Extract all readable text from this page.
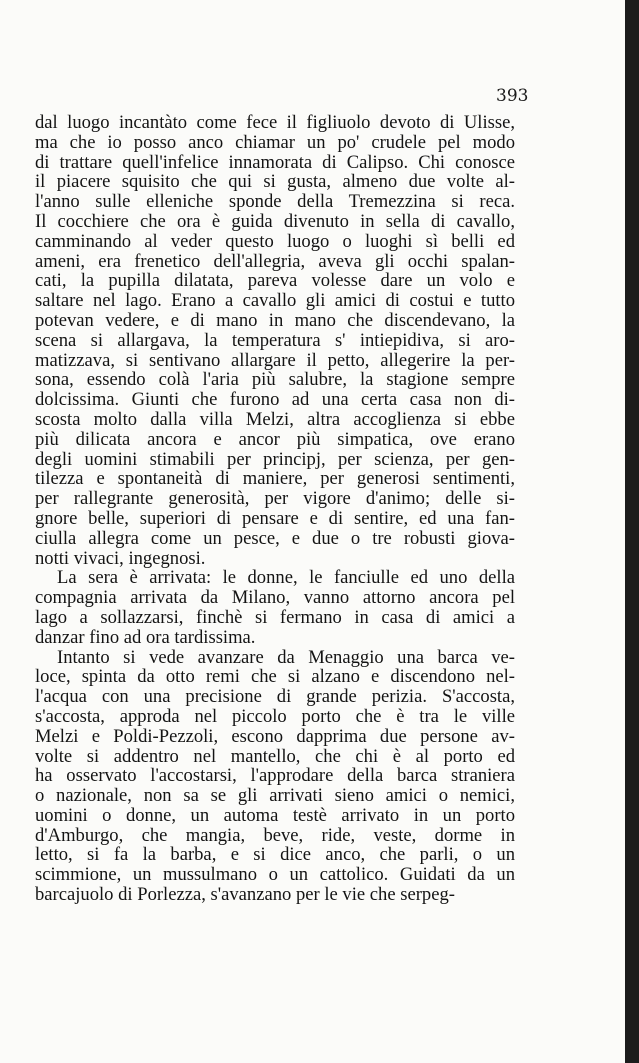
393
dal luogo incantàto come fece il figliuolo devoto di Ulisse,
ma che io posso anco chiamar un po' crudele pel modo
di trattare quell'infelice innamorata di Calipso. Chi conosce
il piacere squisito che qui si gusta, almeno due volte al-
l'anno sulle elleniche sponde della Tremezzina si reca.
Il cocchiere che ora è guida divenuto in sella di cavallo,
camminando al veder questo luogo o luoghi sì belli ed
ameni, era frenetico dell'allegria, aveva gli occhi spalan-
cati, la pupilla dilatata, pareva volesse dare un volo e
saltare nel lago. Erano a cavallo gli amici di costui e tutto
potevan vedere, e di mano in mano che discendevano, la
scena si allargava, la temperatura s' intiepidiva, si aro-
matizzava, si sentivano allargare il petto, allegerire la per-
sona, essendo colà l'aria più salubre, la stagione sempre
dolcissima. Giunti che furono ad una certa casa non di-
scosta molto dalla villa Melzi, altra accoglienza si ebbe
più dilicata ancora e ancor più simpatica, ove erano
degli uomini stimabili per principj, per scienza, per gen-
tilezza e spontaneità di maniere, per generosi sentimenti,
per rallegrante generosità, per vigore d'animo; delle si-
gnore belle, superiori di pensare e di sentire, ed una fan-
ciulla allegra come un pesce, e due o tre robusti giova-
notti vivaci, ingegnosi.
La sera è arrivata: le donne, le fanciulle ed uno della
compagnia arrivata da Milano, vanno attorno ancora pel
lago a sollazzarsi, finchè si fermano in casa di amici a
danzar fino ad ora tardissima.
Intanto si vede avanzare da Menaggio una barca ve-
loce, spinta da otto remi che si alzano e discendono nel-
l'acqua con una precisione di grande perizia. S'accosta,
s'accosta, approda nel piccolo porto che è tra le ville
Melzi e Poldi-Pezzoli, escono dapprima due persone av-
volte si addentro nel mantello, che chi è al porto ed
ha osservato l'accostarsi, l'approdare della barca straniera
o nazionale, non sa se gli arrivati sieno amici o nemici,
uomini o donne, un automa testè arrivato in un porto
d'Amburgo, che mangia, beve, ride, veste, dorme in
letto, si fa la barba, e si dice anco, che parli, o un
scimmione, un mussulmano o un cattolico. Guidati da un
barcajuolo di Porlezza, s'avanzano per le vie che serpeg-
